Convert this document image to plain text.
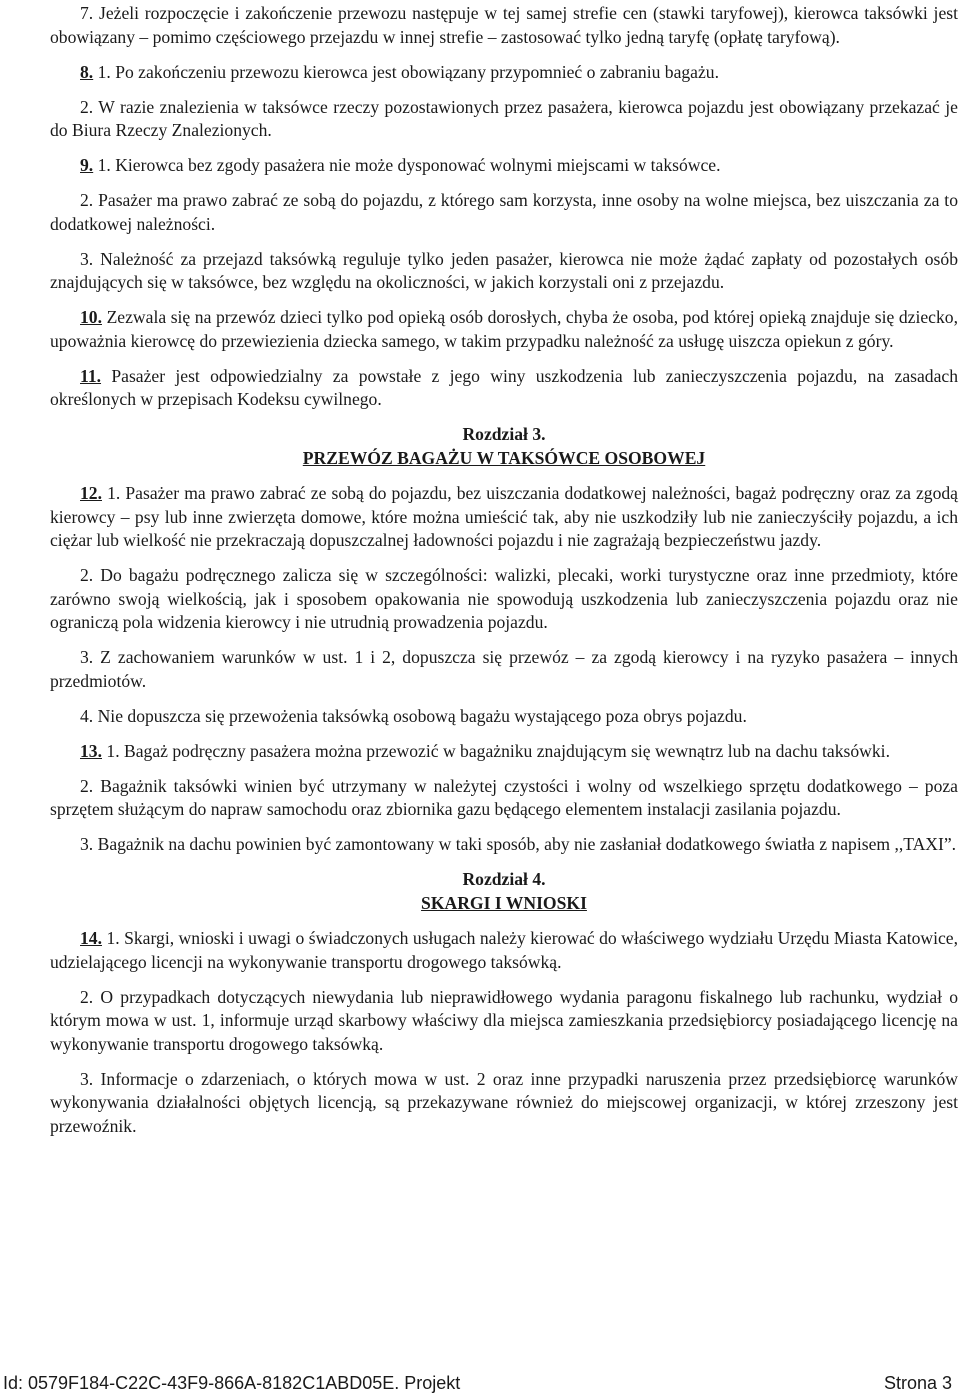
7. Jeżeli rozpoczęcie i zakończenie przewozu następuje w tej samej strefie cen (stawki taryfowej), kierowca taksówki jest obowiązany – pomimo częściowego przejazdu w innej strefie – zastosować tylko jedną taryfę (opłatę taryfową).

8. 1. Po zakończeniu przewozu kierowca jest obowiązany przypomnieć o zabraniu bagażu.

2. W razie znalezienia w taksówce rzeczy pozostawionych przez pasażera, kierowca pojazdu jest obowiązany przekazać je do Biura Rzeczy Znalezionych.

9. 1. Kierowca bez zgody pasażera nie może dysponować wolnymi miejscami w taksówce.

2. Pasażer ma prawo zabrać ze sobą do pojazdu, z którego sam korzysta, inne osoby na wolne miejsca, bez uiszczania za to dodatkowej należności.

3. Należność za przejazd taksówką reguluje tylko jeden pasażer, kierowca nie może żądać zapłaty od pozostałych osób znajdujących się w taksówce, bez względu na okoliczności, w jakich korzystali oni z przejazdu.

10. Zezwala się na przewóz dzieci tylko pod opieką osób dorosłych, chyba że osoba, pod której opieką znajduje się dziecko, upoważnia kierowcę do przewiezienia dziecka samego, w takim przypadku należność za usługę uiszcza opiekun z góry.

11. Pasażer jest odpowiedzialny za powstałe z jego winy uszkodzenia lub zanieczyszczenia pojazdu, na zasadach określonych w przepisach Kodeksu cywilnego.

Rozdział 3.
PRZEWÓZ BAGAŻU W TAKSÓWCE OSOBOWEJ

12. 1. Pasażer ma prawo zabrać ze sobą do pojazdu, bez uiszczania dodatkowej należności, bagaż podręczny oraz za zgodą kierowcy – psy lub inne zwierzęta domowe, które można umieścić tak, aby nie uszkodziły lub nie zanieczyściły pojazdu, a ich ciężar lub wielkość nie przekraczają dopuszczalnej ładowności pojazdu i nie zagrażają bezpieczeństwu jazdy.

2. Do bagażu podręcznego zalicza się w szczególności: walizki, plecaki, worki turystyczne oraz inne przedmioty, które zarówno swoją wielkością, jak i sposobem opakowania nie spowodują uszkodzenia lub zanieczyszczenia pojazdu oraz nie ograniczą pola widzenia kierowcy i nie utrudnią prowadzenia pojazdu.

3. Z zachowaniem warunków w ust. 1 i 2, dopuszcza się przewóz – za zgodą kierowcy i na ryzyko pasażera – innych przedmiotów.

4. Nie dopuszcza się przewożenia taksówką osobową bagażu wystającego poza obrys pojazdu.

13. 1. Bagaż podręczny pasażera można przewozić w bagażniku znajdującym się wewnątrz lub na dachu taksówki.

2. Bagażnik taksówki winien być utrzymany w należytej czystości i wolny od wszelkiego sprzętu dodatkowego – poza sprzętem służącym do napraw samochodu oraz zbiornika gazu będącego elementem instalacji zasilania pojazdu.

3. Bagażnik na dachu powinien być zamontowany w taki sposób, aby nie zasłaniał dodatkowego światła z napisem ,,TAXI”.

Rozdział 4.
SKARGI I WNIOSKI

14. 1. Skargi, wnioski i uwagi o świadczonych usługach należy kierować do właściwego wydziału Urzędu Miasta Katowice, udzielającego licencji na wykonywanie transportu drogowego taksówką.

2. O przypadkach dotyczących niewydania lub nieprawidłowego wydania paragonu fiskalnego lub rachunku, wydział o którym mowa w ust. 1, informuje urząd skarbowy właściwy dla miejsca zamieszkania przedsiębiorcy posiadającego licencję na wykonywanie transportu drogowego taksówką.

3. Informacje o zdarzeniach, o których mowa w ust. 2 oraz inne przypadki naruszenia przez przedsiębiorcę warunków wykonywania działalności objętych licencją, są przekazywane również do miejscowej organizacji, w której zrzeszony jest przewoźnik.

Id: 0579F184-C22C-43F9-866A-8182C1ABD05E. Projekt	Strona 3
